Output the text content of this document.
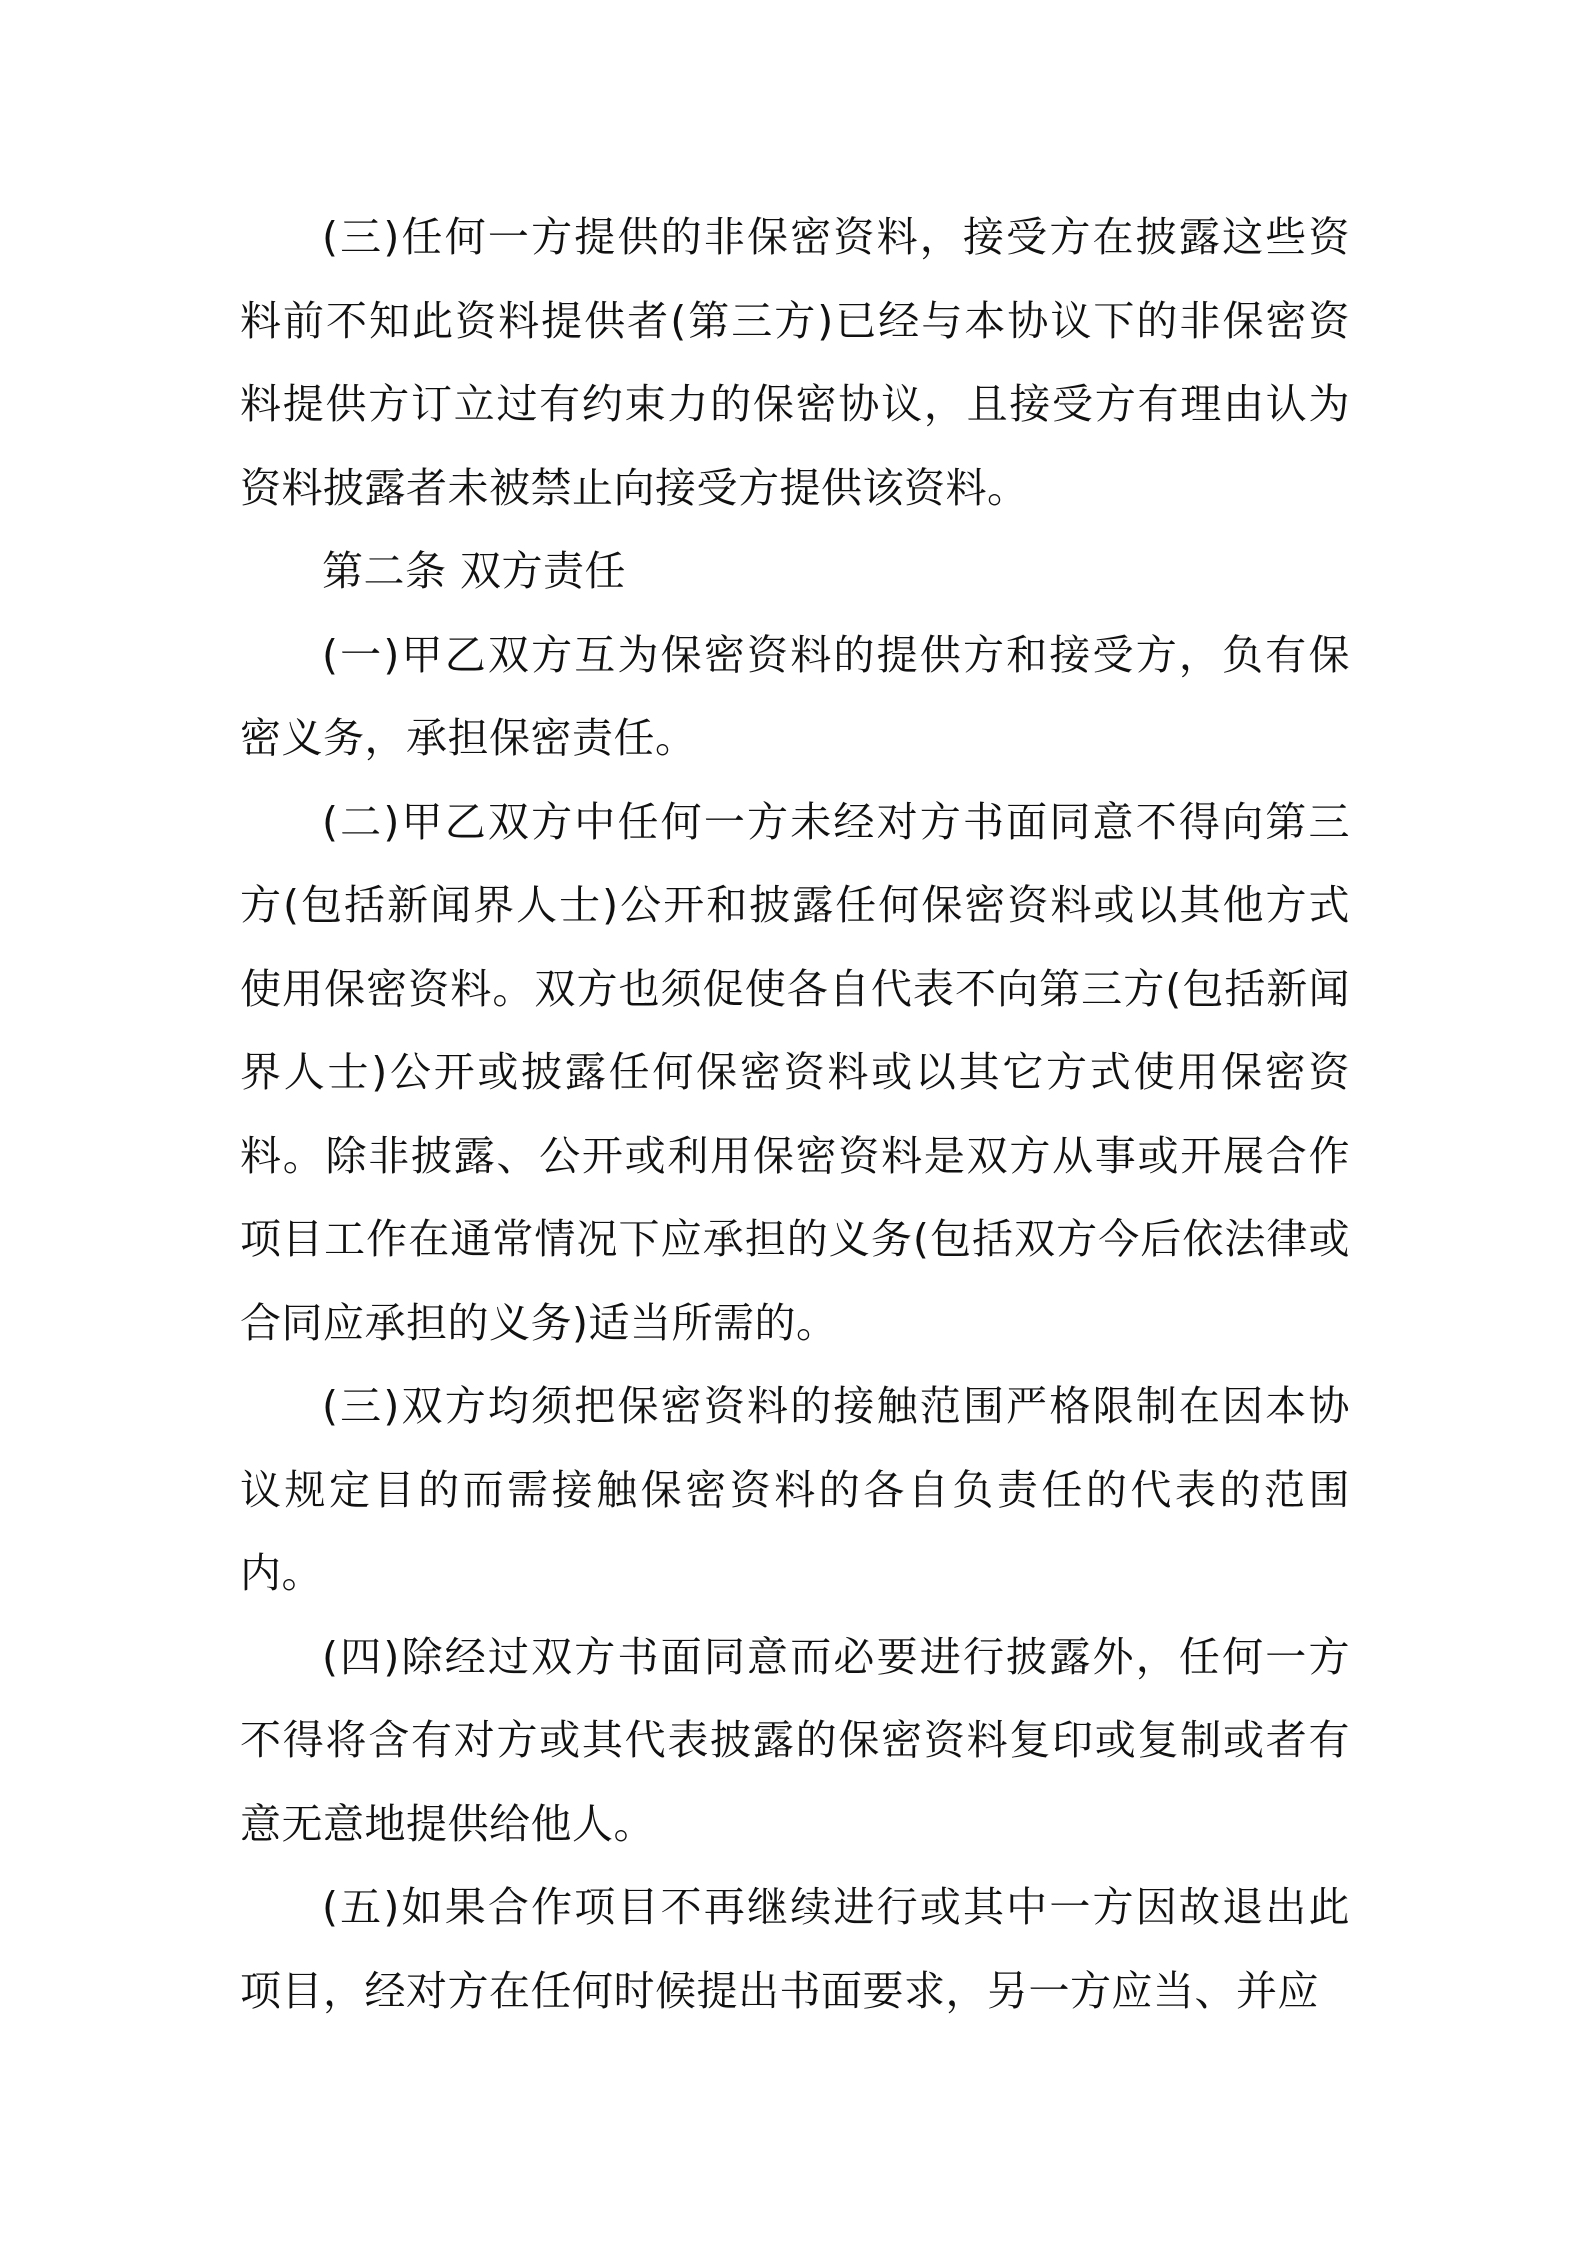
(三)任何一方提供的非保密资料，接受方在披露这些资料前不知此资料提供者(第三方)已经与本协议下的非保密资料提供方订立过有约束力的保密协议，且接受方有理由认为资料披露者未被禁止向接受方提供该资料。

第二条 双方责任

(一)甲乙双方互为保密资料的提供方和接受方，负有保密义务，承担保密责任。

(二)甲乙双方中任何一方未经对方书面同意不得向第三方(包括新闻界人士)公开和披露任何保密资料或以其他方式使用保密资料。双方也须促使各自代表不向第三方(包括新闻界人士)公开或披露任何保密资料或以其它方式使用保密资料。除非披露、公开或利用保密资料是双方从事或开展合作项目工作在通常情况下应承担的义务(包括双方今后依法律或合同应承担的义务)适当所需的。

(三)双方均须把保密资料的接触范围严格限制在因本协议规定目的而需接触保密资料的各自负责任的代表的范围内。

(四)除经过双方书面同意而必要进行披露外，任何一方不得将含有对方或其代表披露的保密资料复印或复制或者有意无意地提供给他人。

(五)如果合作项目不再继续进行或其中一方因故退出此项目，经对方在任何时候提出书面要求，另一方应当、并应
